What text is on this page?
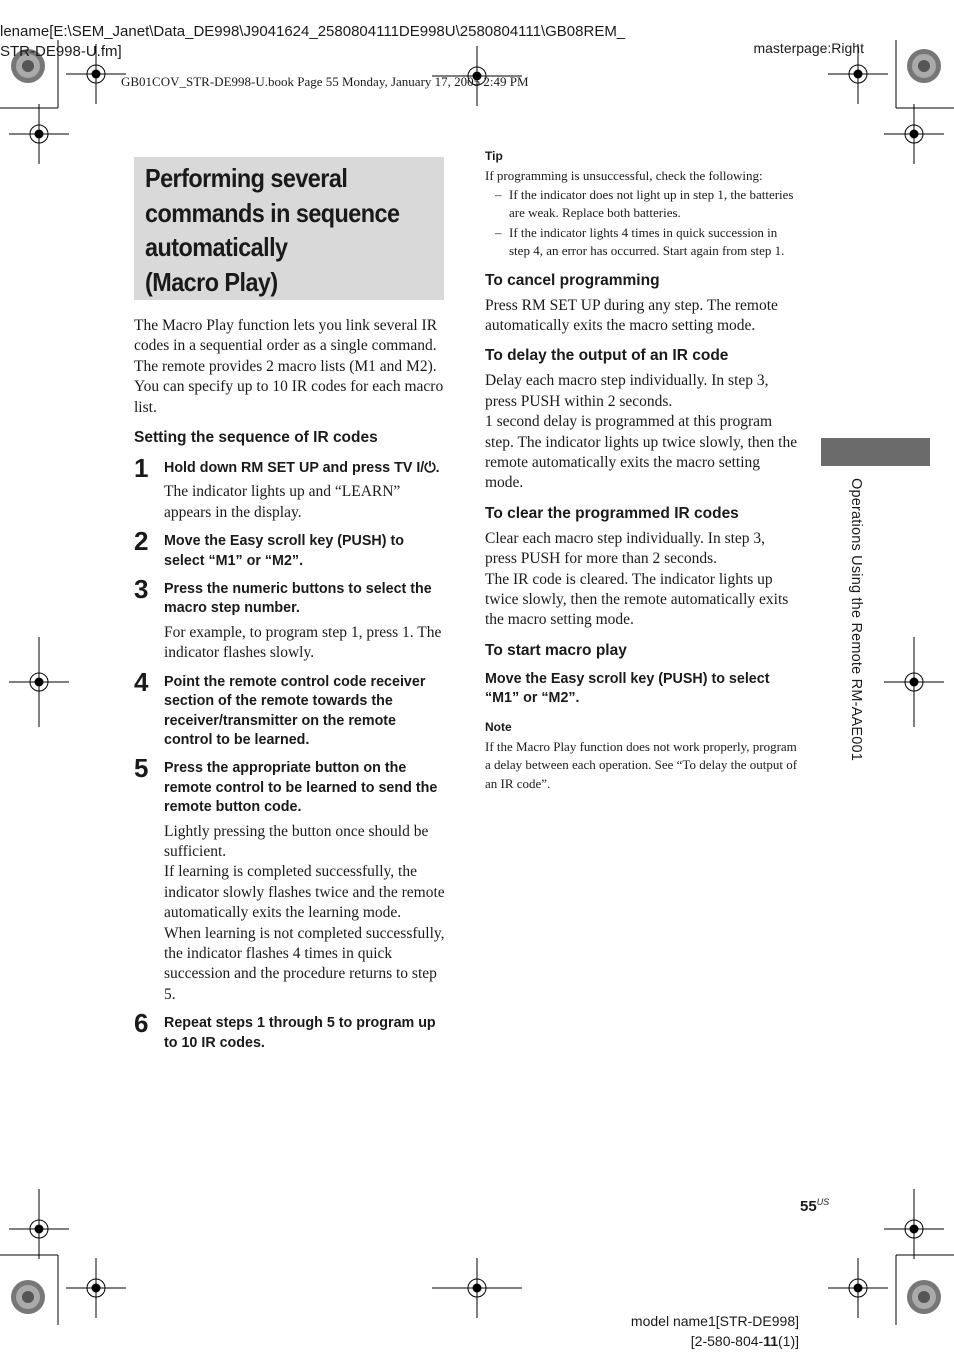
lename[E:\SEM_Janet\Data_DE998\J9041624_2580804111DE998U\2580804111\GB08REM_
STR-DE998-U.fm]	masterpage:Right
GB01COV_STR-DE998-U.book Page 55 Monday, January 17, 2005 2:49 PM
Performing several
commands in sequence
automatically
(Macro Play)

The Macro Play function lets you link several IR codes in a sequential order as a single command. The remote provides 2 macro lists (M1 and M2). You can specify up to 10 IR codes for each macro list.

Setting the sequence of IR codes
1 Hold down RM SET UP and press TV I/⏻.

The indicator lights up and “LEARN” appears in the display.

2 Move the Easy scroll key (PUSH) to select “M1” or “M2”.

3 Press the numeric buttons to select the macro step number.

For example, to program step 1, press 1. The indicator flashes slowly.

4 Point the remote control code receiver section of the remote towards the receiver/transmitter on the remote control to be learned.

5 Press the appropriate button on the remote control to be learned to send the remote button code.

Lightly pressing the button once should be sufficient.

If learning is completed successfully, the indicator slowly flashes twice and the remote automatically exits the learning mode.

When learning is not completed successfully, the indicator flashes 4 times in quick succession and the procedure returns to step 5.

6 Repeat steps 1 through 5 to program up to 10 IR codes.

Tip

If programming is unsuccessful, check the following:

– If the indicator does not light up in step 1, the batteries are weak. Replace both batteries.
– If the indicator lights 4 times in quick succession in step 4, an error has occurred. Start again from step 1.
To cancel programming

Press RM SET UP during any step. The remote automatically exits the macro setting mode.

To delay the output of an IR code

Delay each macro step individually. In step 3, press PUSH within 2 seconds.

1 second delay is programmed at this program step. The indicator lights up twice slowly, then the remote automatically exits the macro setting mode.

To clear the programmed IR codes

Clear each macro step individually. In step 3, press PUSH for more than 2 seconds.

The IR code is cleared. The indicator lights up twice slowly, then the remote automatically exits the macro setting mode.

To start macro play

Move the Easy scroll key (PUSH) to select “M1” or “M2”.

Note

If the Macro Play function does not work properly, program a delay between each operation. See “To delay the output of an IR code”.

Operations Using the Remote RM-AAE001
$55^{US}$
model name1[STR-DE998]
[2-580-804-11(1)]
